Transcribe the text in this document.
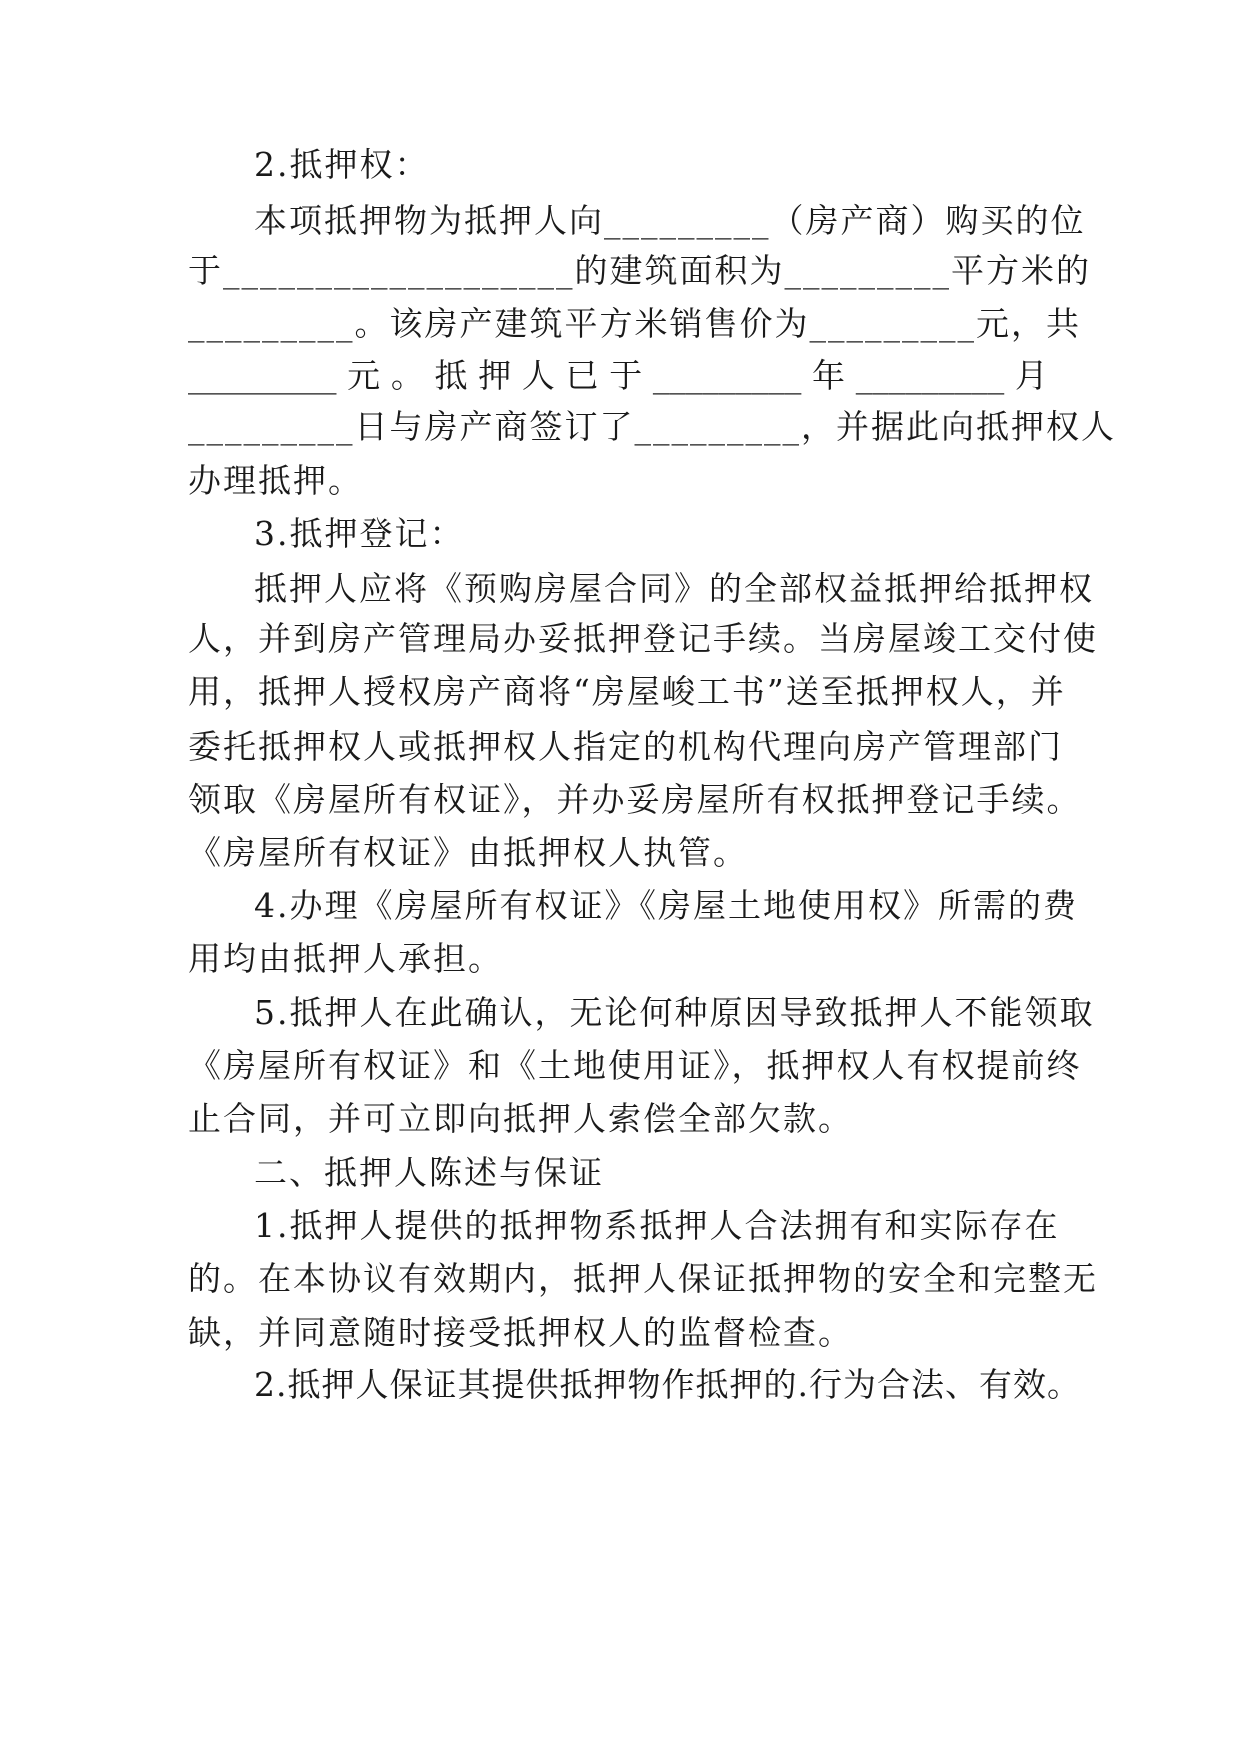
2.抵押权：
本项抵押物为抵押人向_________（房产商）购买的位
于___________________的建筑面积为_________平方米的
_________。该房产建筑平方米销售价为_________元，共
_________ 元 。 抵 押 人 已 于 _________ 年 _________ 月
_________日与房产商签订了_________，并据此向抵押权人
办理抵押。
3.抵押登记：
抵押人应将《预购房屋合同》的全部权益抵押给抵押权
人，并到房产管理局办妥抵押登记手续。当房屋竣工交付使
用，抵押人授权房产商将“房屋峻工书”送至抵押权人，并
委托抵押权人或抵押权人指定的机构代理向房产管理部门
领取《房屋所有权证》，并办妥房屋所有权抵押登记手续。
《房屋所有权证》由抵押权人执管。
4.办理《房屋所有权证》《房屋土地使用权》所需的费
用均由抵押人承担。
5.抵押人在此确认，无论何种原因导致抵押人不能领取
《房屋所有权证》和《土地使用证》，抵押权人有权提前终
止合同，并可立即向抵押人索偿全部欠款。
二、抵押人陈述与保证
1.抵押人提供的抵押物系抵押人合法拥有和实际存在
的。在本协议有效期内，抵押人保证抵押物的安全和完整无
缺，并同意随时接受抵押权人的监督检查。
2.抵押人保证其提供抵押物作抵押的.行为合法、有效。
